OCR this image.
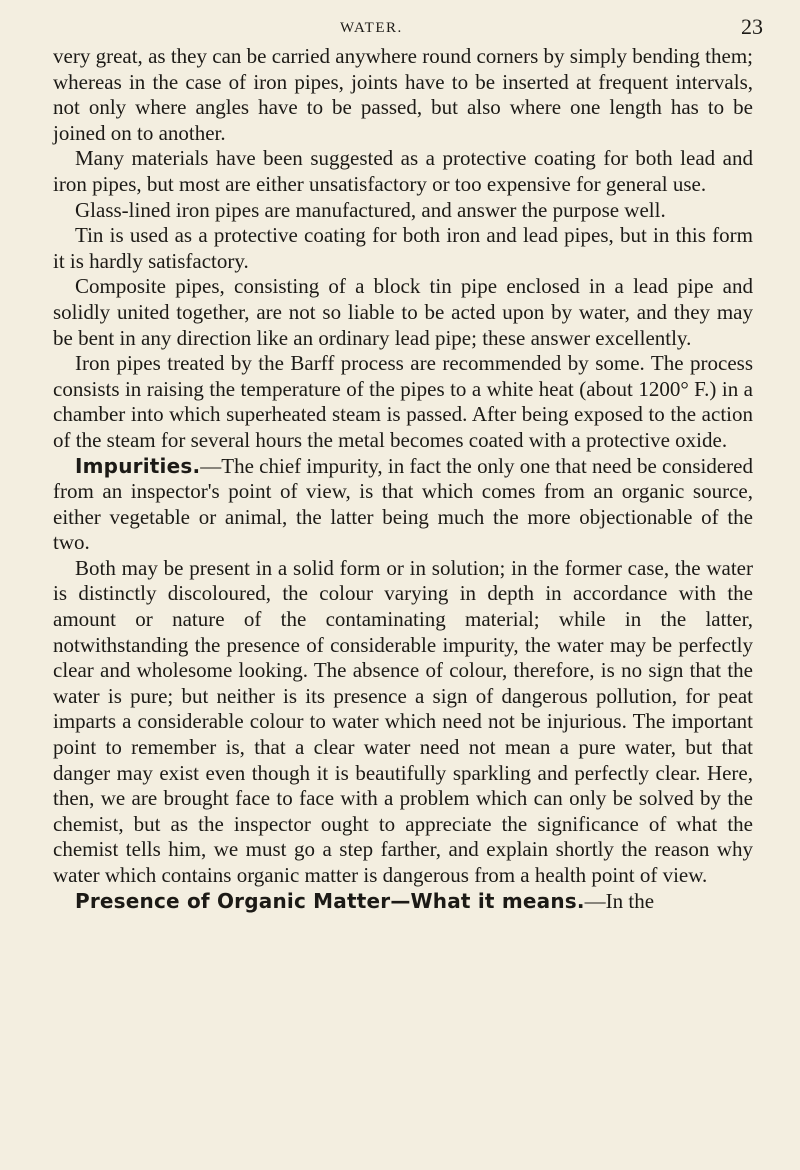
WATER.	23

very great, as they can be carried anywhere round corners by simply bending them; whereas in the case of iron pipes, joints have to be inserted at frequent intervals, not only where angles have to be passed, but also where one length has to be joined on to another.

Many materials have been suggested as a protective coating for both lead and iron pipes, but most are either unsatisfactory or too expensive for general use.

Glass-lined iron pipes are manufactured, and answer the purpose well.

Tin is used as a protective coating for both iron and lead pipes, but in this form it is hardly satisfactory.

Composite pipes, consisting of a block tin pipe enclosed in a lead pipe and solidly united together, are not so liable to be acted upon by water, and they may be bent in any direction like an ordinary lead pipe; these answer excellently.

Iron pipes treated by the Barff process are recommended by some. The process consists in raising the temperature of the pipes to a white heat (about 1200° F.) in a chamber into which superheated steam is passed. After being exposed to the action of the steam for several hours the metal becomes coated with a protective oxide.

Impurities.—The chief impurity, in fact the only one that need be considered from an inspector's point of view, is that which comes from an organic source, either vegetable or animal, the latter being much the more objectionable of the two.

Both may be present in a solid form or in solution; in the former case, the water is distinctly discoloured, the colour varying in depth in accordance with the amount or nature of the contaminating material; while in the latter, notwithstanding the presence of considerable impurity, the water may be perfectly clear and wholesome looking. The absence of colour, therefore, is no sign that the water is pure; but neither is its presence a sign of dangerous pollution, for peat imparts a considerable colour to water which need not be injurious. The important point to remember is, that a clear water need not mean a pure water, but that danger may exist even though it is beautifully sparkling and perfectly clear. Here, then, we are brought face to face with a problem which can only be solved by the chemist, but as the inspector ought to appreciate the significance of what the chemist tells him, we must go a step farther, and explain shortly the reason why water which contains organic matter is dangerous from a health point of view.

Presence of Organic Matter—What it means.—In the
